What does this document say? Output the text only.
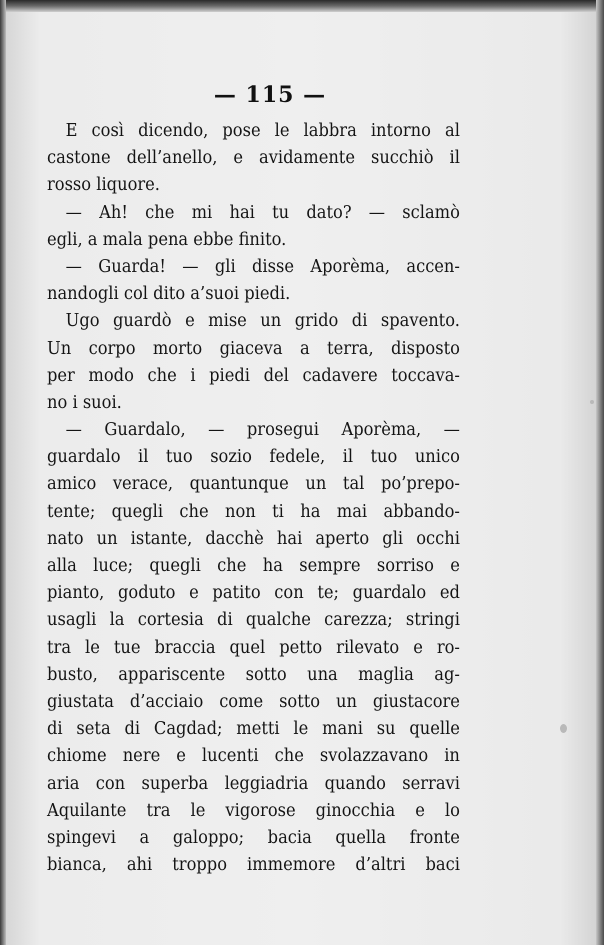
— 115 —
E così dicendo, pose le labbra intorno al
castone dell’anello, e avidamente succhiò il
rosso liquore.
— Ah! che mi hai tu dato? — sclamò
egli, a mala pena ebbe finito.
— Guarda! — gli disse Aporèma, accen-
nandogli col dito a’suoi piedi.
Ugo guardò e mise un grido di spavento.
Un corpo morto giaceva a terra, disposto
per modo che i piedi del cadavere toccava-
no i suoi.
— Guardalo, — prosegui Aporèma, —
guardalo il tuo sozio fedele, il tuo unico
amico verace, quantunque un tal po’prepo-
tente; quegli che non ti ha mai abbando-
nato un istante, dacchè hai aperto gli occhi
alla luce; quegli che ha sempre sorriso e
pianto, goduto e patito con te; guardalo ed
usagli la cortesia di qualche carezza; stringi
tra le tue braccia quel petto rilevato e ro-
busto, appariscente sotto una maglia ag-
giustata d’acciaio come sotto un giustacore
di seta di Cagdad; metti le mani su quelle
chiome nere e lucenti che svolazzavano in
aria con superba leggiadria quando serravi
Aquilante tra le vigorose ginocchia e lo
spingevi a galoppo; bacia quella fronte
bianca, ahi troppo immemore d’altri baci
